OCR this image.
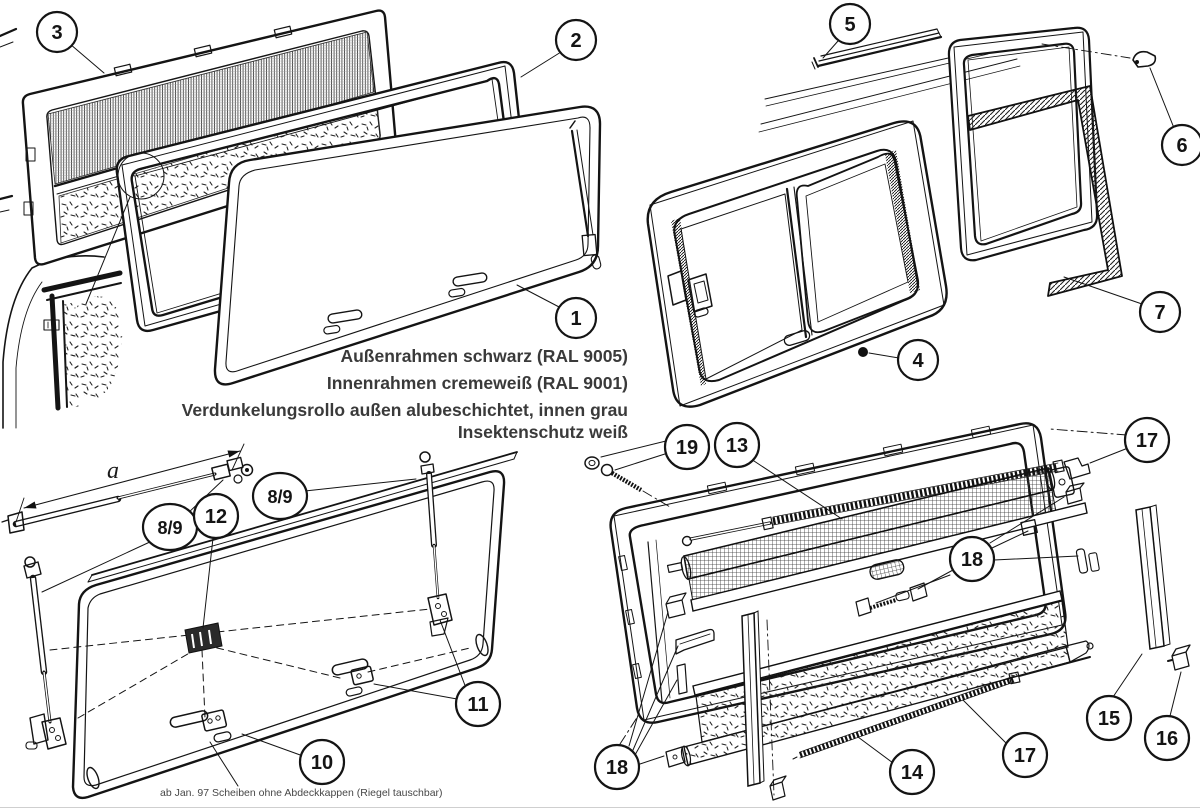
a
Außenrahmen schwarz (RAL 9005)
Innenrahmen cremeweiß (RAL 9001)
Verdunkelungsrollo außen alubeschichtet, innen grau
Insektenschutz weiß
ab Jan. 97 Scheiben ohne Abdeckkappen (Riegel tauschbar)
3	2
1
5
6
4
7
8/9 12
8/9
10
11
19 13	17
18
18	14
17
15
16
